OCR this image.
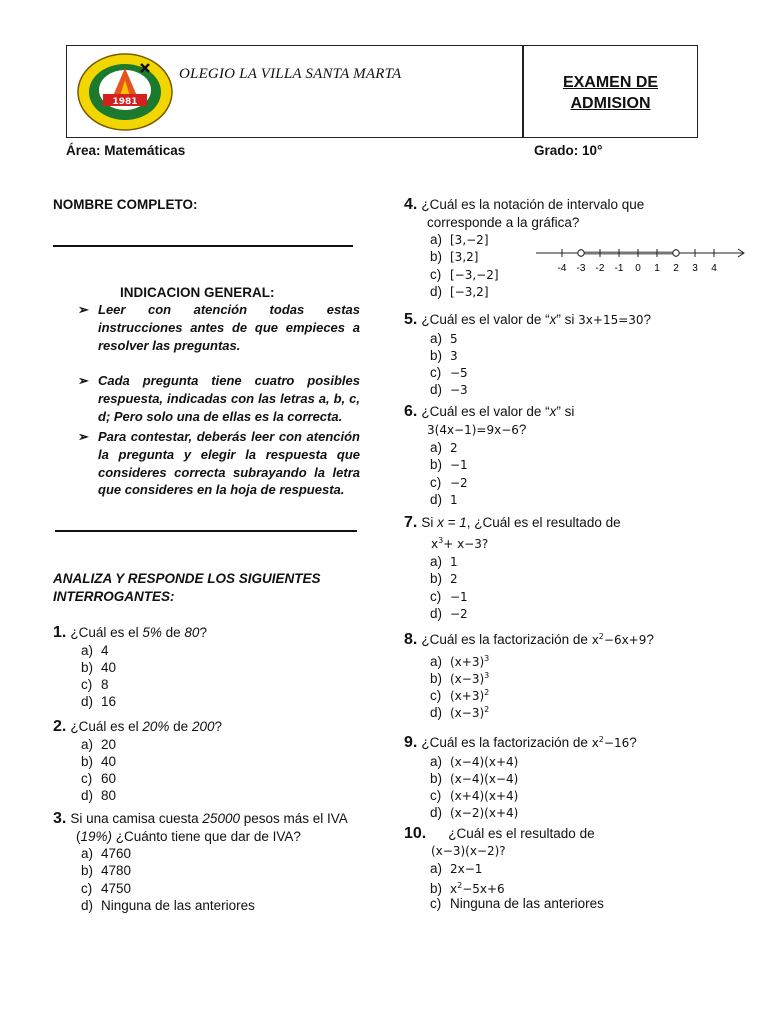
1981
OLEGIO LA VILLA SANTA MARTA	EXAMEN DE
ADMISION
Área: Matemáticas	Grado: 10°
NOMBRE COMPLETO:
INDICACION GENERAL:
➢ Leer con atención todas estas instrucciones antes de que empieces a resolver las preguntas.
➢ Cada pregunta tiene cuatro posibles respuesta, indicadas con las letras a, b, c, d; Pero solo una de ellas es la correcta.
➢ Para contestar, deberás leer con atención la pregunta y elegir la respuesta que consideres correcta subrayando la letra que consideres en la hoja de respuesta.
ANALIZA Y RESPONDE LOS SIGUIENTES
INTERROGANTES:
1. ¿Cuál es el 5% de 80?
a) 4
b) 40
c) 8
d) 16
2. ¿Cuál es el 20% de 200?
a) 20
b) 40
c) 60
d) 80
3. Si una camisa cuesta 25000 pesos más el IVA (19%) ¿Cuánto tiene que dar de IVA?
a) 4760
b) 4780
c) 4750
d) Ninguna de las anteriores
4. ¿Cuál es la notación de intervalo que
corresponde a la gráfica?
a) [3,−2]
b) [3,2]
c) [−3,−2]
d) [−3,2]
-4 -3 -2 -1 0 1 2 3 4
5. ¿Cuál es el valor de “x” si 3x+15=30?
a) 5
b) 3
c) −5
d) −3
6. ¿Cuál es el valor de “x” si
3(4x−1)=9x−6?
a) 2
b) −1
c) −2
d) 1
7. Si x = 1, ¿Cuál es el resultado de
$x^3+ x-3$?
a) 1
b) 2
c) −1
d) −2
8. ¿Cuál es la factorización de $x^2-6x+9$?
a) $(x+3)^3$
b) $(x-3)^3$
c) $(x+3)^2$
d) $(x-3)^2$
9. ¿Cuál es la factorización de $x^2-16$?
a) (x−4)(x+4)
b) (x−4)(x−4)
c) (x+4)(x+4)
d) (x−2)(x+4)
10. ¿Cuál es el resultado de
(x−3)(x−2)?
a) 2x−1
b) $x^2-5x+6$
c) Ninguna de las anteriores
